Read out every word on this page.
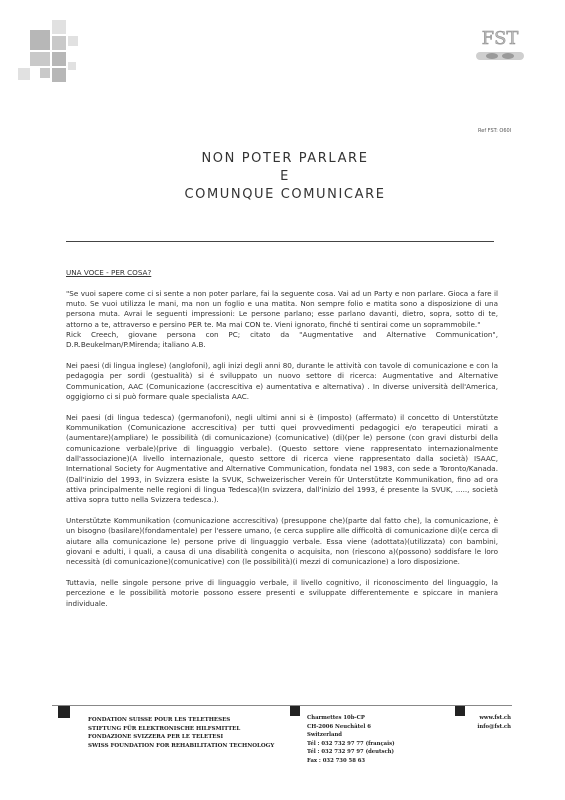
FST
Ref FST: O60I
NON POTER PARLARE
E
COMUNQUE COMUNICARE

UNA VOCE - PER COSA?

"Se vuoi sapere come ci si sente a non poter parlare, fai la seguente cosa. Vai ad un Party e non parlare. Gioca a fare il muto. Se vuoi utilizza le mani, ma non un foglio e una matita. Non sempre folio e matita sono a disposizione di una persona muta. Avrai le seguenti impressioni: Le persone parlano; esse parlano davanti, dietro, sopra, sotto di te, attorno a te, attraverso e persino PER te. Ma mai CON te. Vieni ignorato, finché ti sentirai come un soprammobile."

Rick Creech, giovane persona con PC; citato da "Augmentative and Alternative Communication", D.R.Beukelman/P.Mirenda; italiano A.B.

Nei paesi (di lingua inglese) (anglofoni), agli inizi degli anni 80, durante le attività con tavole di comunicazione e con la pedagogia per sordi (gestualità) si é sviluppato un nuovo settore di ricerca: Augmentative and Alternative Communication, AAC (Comunicazione (accrescitiva e) aumentativa e alternativa) . In diverse università dell'America, oggigiorno ci si può formare quale specialista AAC.

Nei paesi (di lingua tedesca) (germanofoni), negli ultimi anni si è (imposto) (affermato) il concetto di Unterstützte Kommunikation (Comunicazione accrescitiva) per tutti quei provvedimenti pedagogici e/o terapeutici mirati a (aumentare)(ampliare) le possibilità (di comunicazione) (comunicative) (di)(per le) persone (con gravi disturbi della comunicazione verbale)(prive di linguaggio verbale). (Questo settore viene rappresentato internazionalmente dall'associazione)(A livello internazionale, questo settore di ricerca viene rappresentato dalla società) ISAAC, International Society for Augmentative and Alternative Communication, fondata nel 1983, con sede a Toronto/Kanada. (Dall'inizio del 1993, in Svizzera esiste la SVUK, Schweizerischer Verein für Unterstützte Kommunikation, fino ad ora attiva principalmente nelle regioni di lingua Tedesca)(In svizzera, dall'inizio del 1993, é presente la SVUK, ....., società attiva sopra tutto nella Svizzera tedesca.).

Unterstützte Kommunikation (comunicazione accrescitiva) (presuppone che)(parte dal fatto che), la comunicazione, è un bisogno (basilare)(fondamentale) per l'essere umano, (e cerca supplire alle difficoltà di comunicazione di)(e cerca di aiutare alla comunicazione le) persone prive di linguaggio verbale. Essa viene (adottata)(utilizzata) con bambini, giovani e adulti, i quali, a causa di una disabilità congenita o acquisita, non (riescono a)(possono) soddisfare le loro necessità (di comunicazione)(comunicative) con (le possibilità)(i mezzi di comunicazione) a loro disposizione.

Tuttavia, nelle singole persone prive di linguaggio verbale, il livello cognitivo, il riconoscimento del linguaggio, la percezione e le possibilità motorie possono essere presenti e sviluppate differentemente e spiccare in maniera individuale.

FONDATION SUISSE POUR LES TELETHESES
STIFTUNG FÜR ELEKTRONISCHE HILFSMITTEL
FONDAZIONE SVIZZERA PER LE TELETESI
SWISS FOUNDATION FOR REHABILITATION TECHNOLOGY
Charmettes 10b-CP
CH-2006 Neuchâtel 6
Switzerland
Tél : 032 732 97 77 (français)
Tél : 032 732 97 97 (deutsch)
Fax : 032 730 58 63
www.fst.ch
info@fst.ch
